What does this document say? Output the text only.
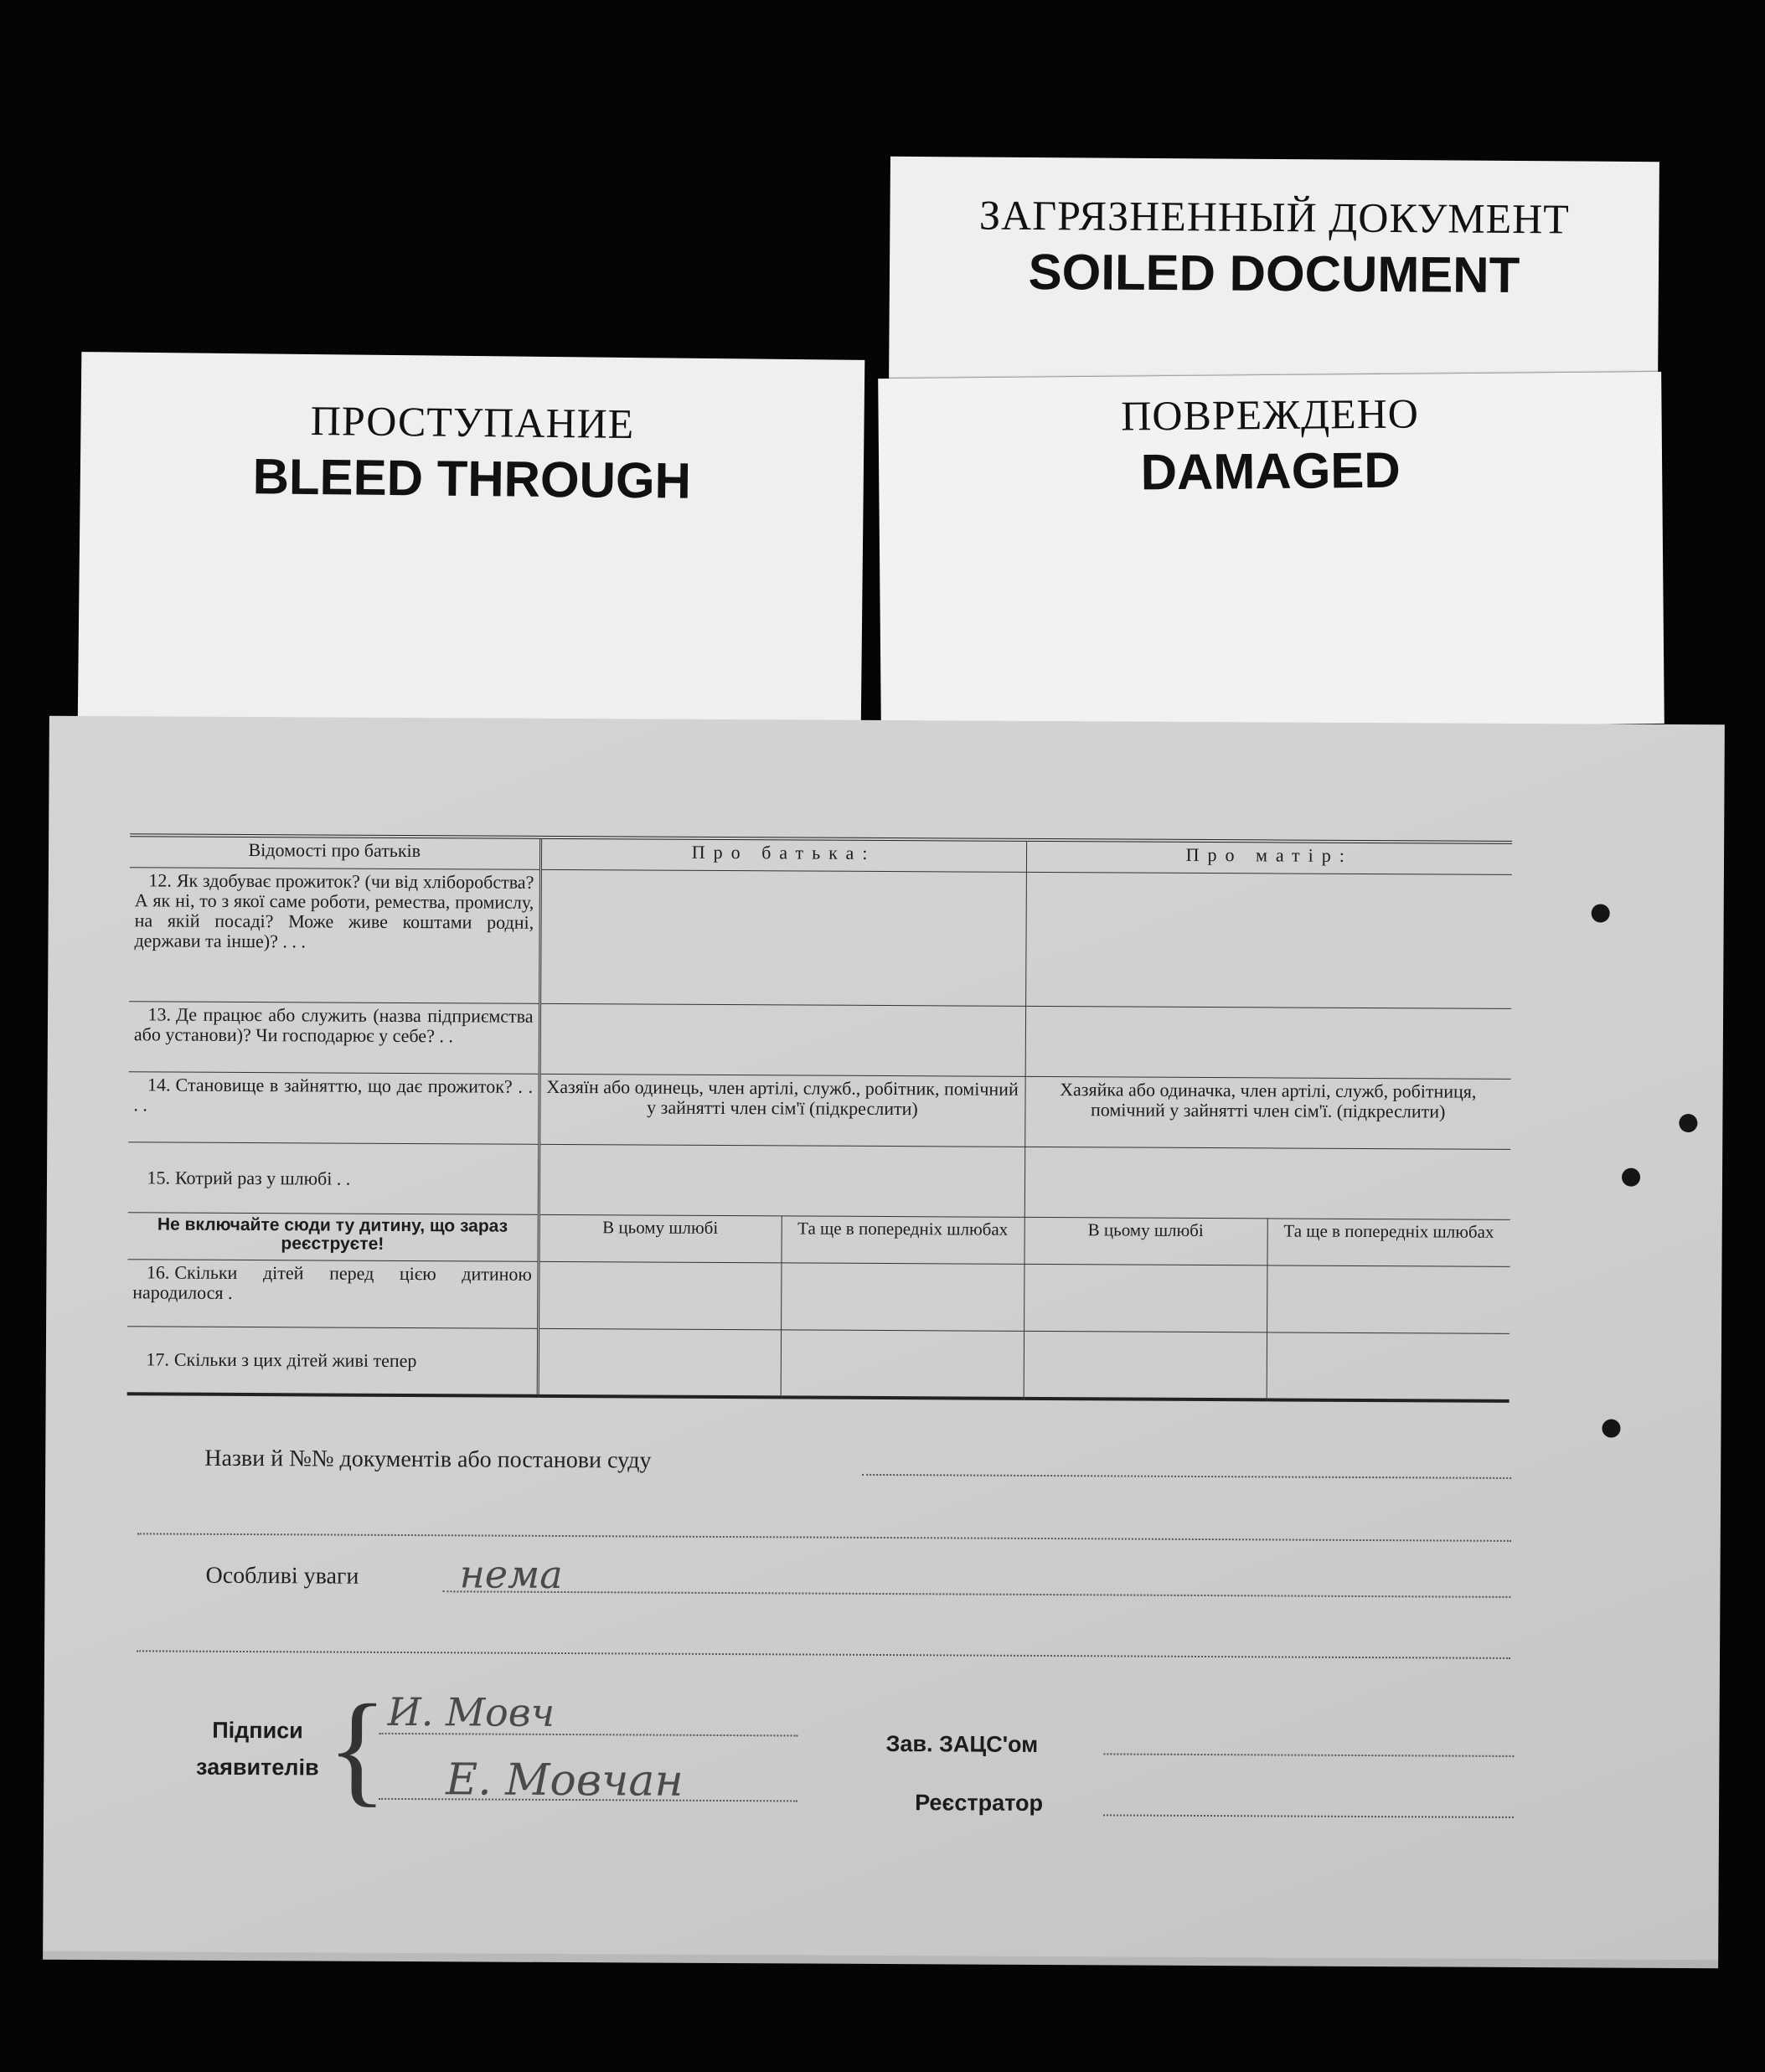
ЗАГРЯЗНЕННЫЙ ДОКУМЕНТ
SOILED DOCUMENT
ПРОСТУПАНИЕ
BLEED THROUGH
ПОВРЕЖДЕНО
DAMAGED
Відомості про батьків	Про батька:		Про матір:	
12. Як здобуває прожиток? (чи від хліборобства? А як ні, то з якої саме роботи, ремества, промислу, на якій посаді? Може живе коштами родні, держави та інше)? . . .				
13. Де працює або служить (назва підприємства або установи)? Чи господарює у себе? . .				
14. Становище в зайняттю, що дає прожиток? . . . .	Хазяїн або одинець, член артілі, служб., робітник, помічний у зайнятті член сім'ї (підкреслити)		Хазяйка або одиначка, член артілі, служб, робітниця, помічний у зайнятті член сім'ї. (підкреслити)	
15. Котрий раз у шлюбі . .				
Не включайте сюди ту дитину, що зараз реєструєте!	В цьому шлюбі	Та ще в попередніх шлюбах	В цьому шлюбі	Та ще в попередніх шлюбах
16. Скільки дітей перед цією дитиною народилося .				
17. Скільки з цих дітей живі тепер				
Назви й №№ документів або постанови суду
Особливі уваги	нема
Підписи заявителів { И. Мовч
Е. Мовчан
Зав. ЗАЦС'ом
Реєстратор
